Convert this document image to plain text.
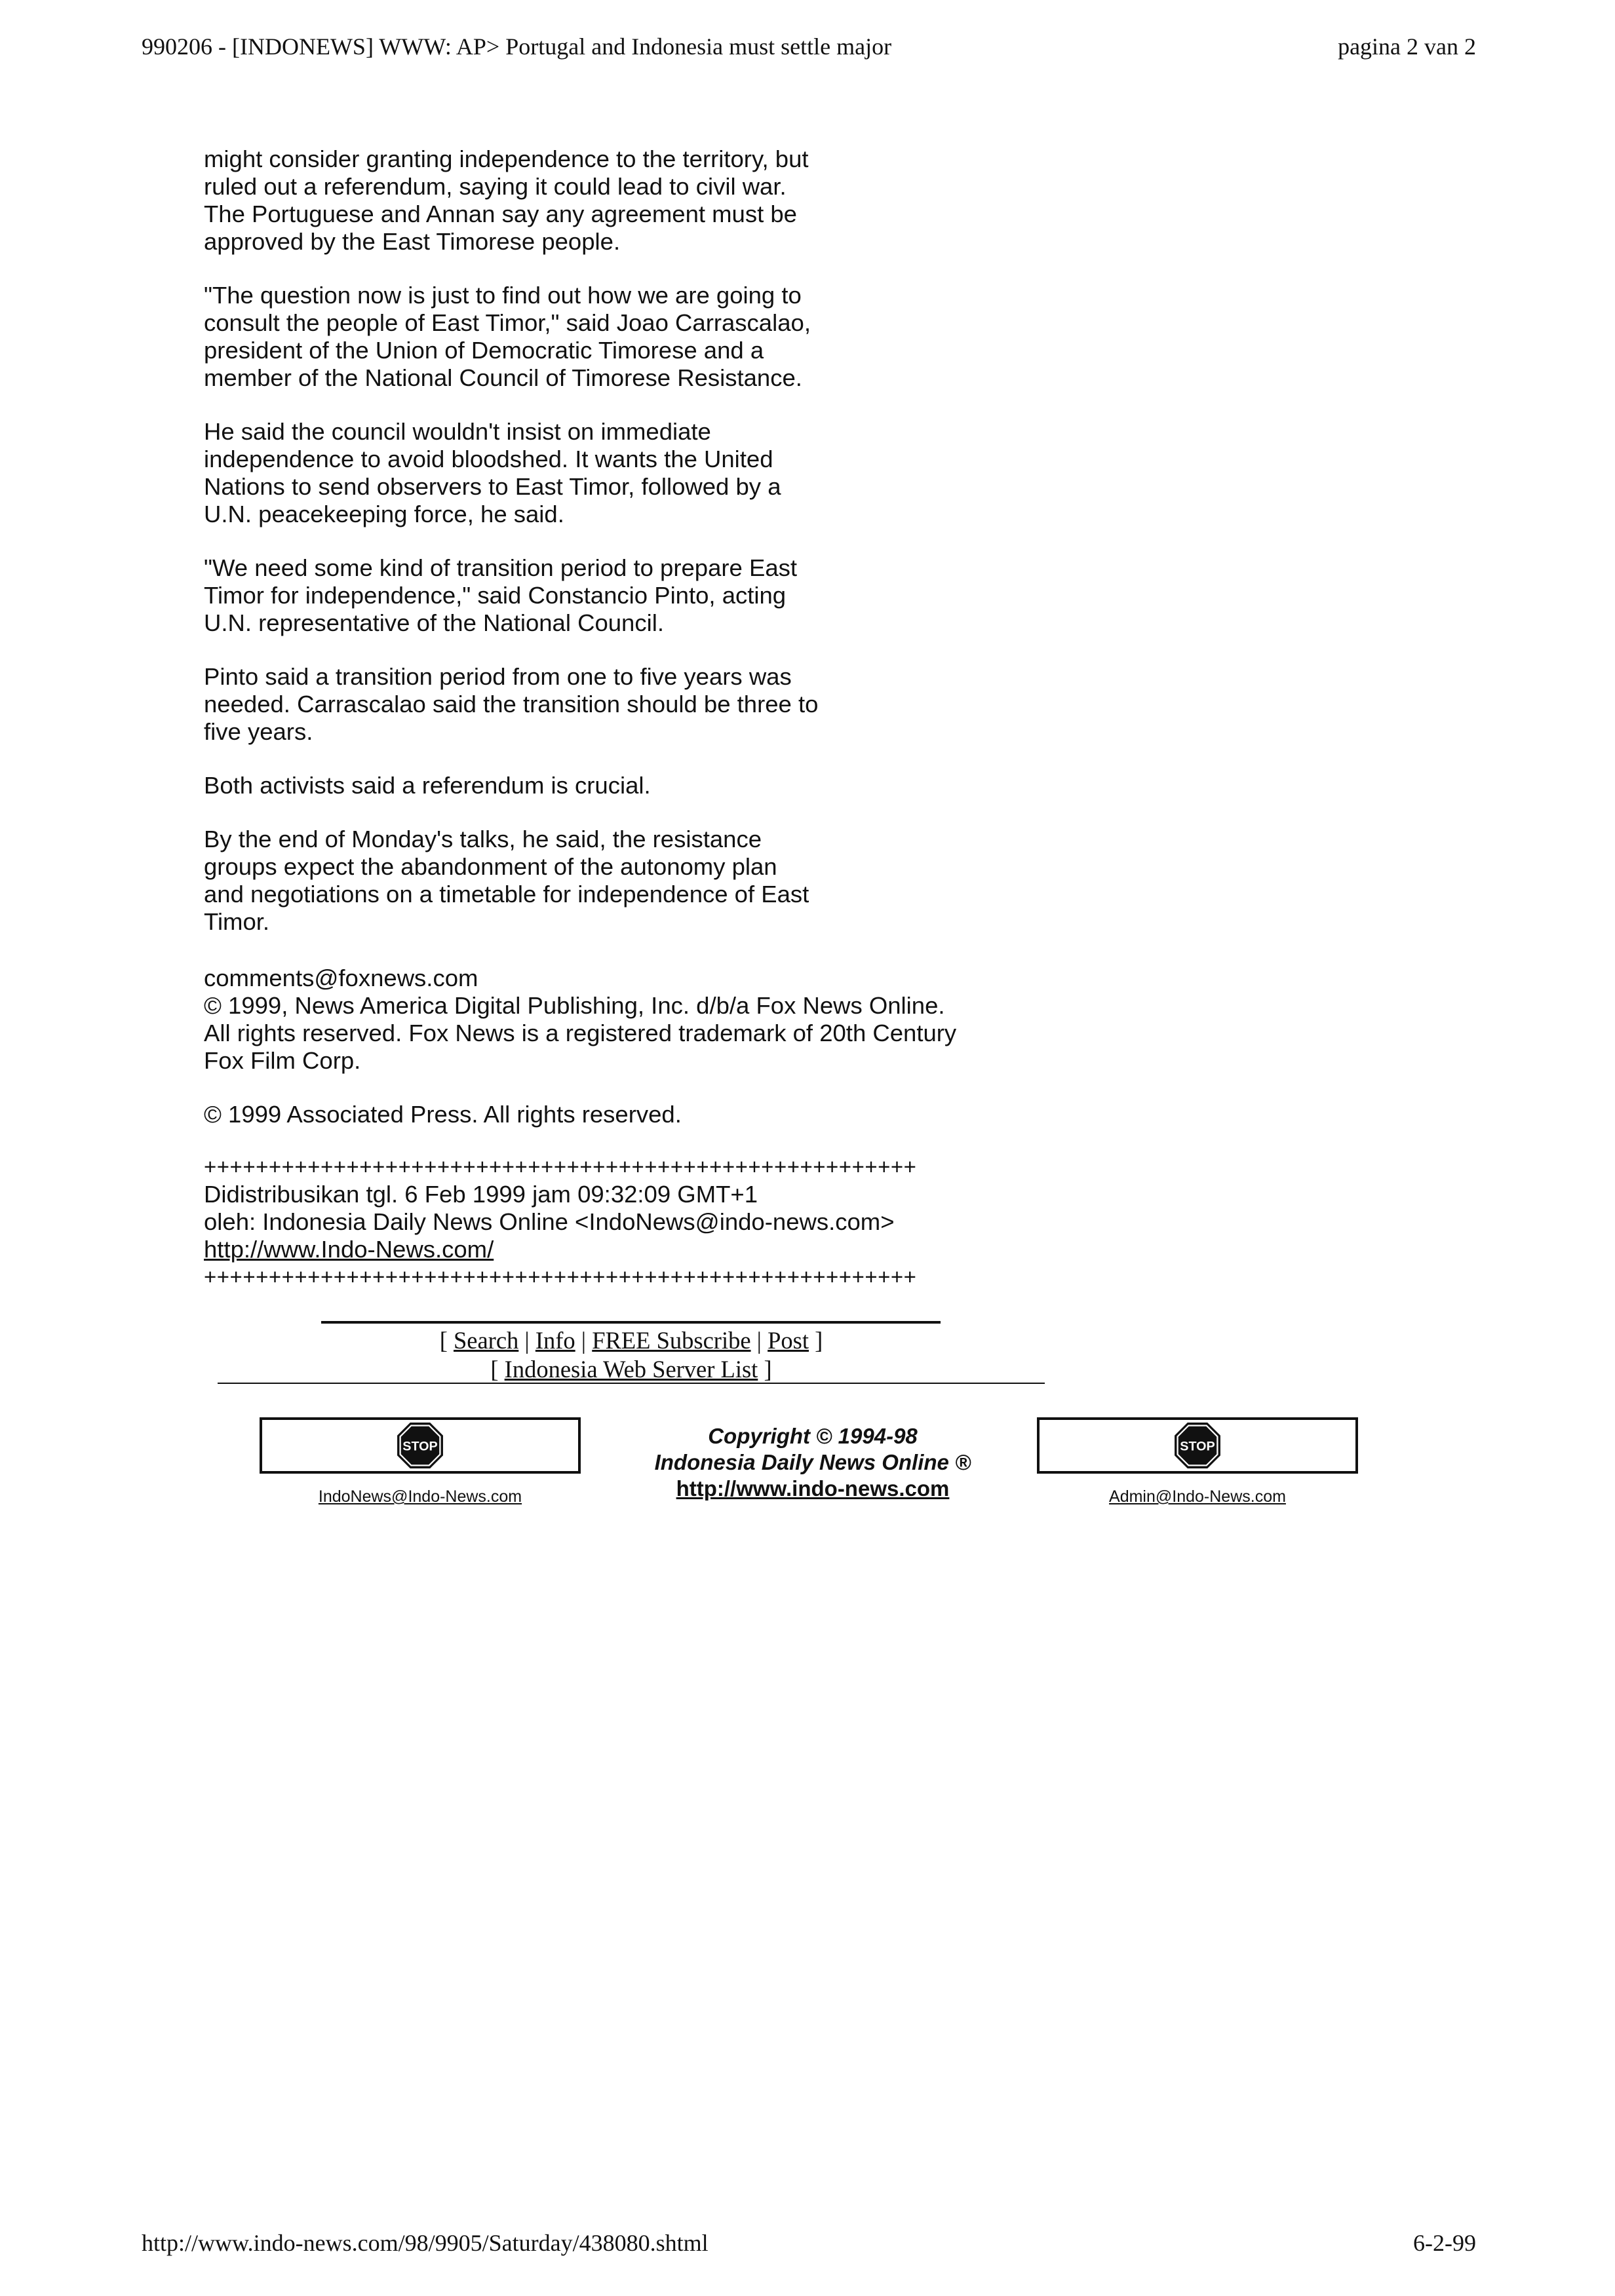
990206 - [INDONEWS] WWW: AP> Portugal and Indonesia must settle major	pagina 2 van 2

might consider granting independence to the territory, but
ruled out a referendum, saying it could lead to civil war.
The Portuguese and Annan say any agreement must be
approved by the East Timorese people.

"The question now is just to find out how we are going to
consult the people of East Timor," said Joao Carrascalao,
president of the Union of Democratic Timorese and a
member of the National Council of Timorese Resistance.

He said the council wouldn't insist on immediate
independence to avoid bloodshed. It wants the United
Nations to send observers to East Timor, followed by a
U.N. peacekeeping force, he said.

"We need some kind of transition period to prepare East
Timor for independence," said Constancio Pinto, acting
U.N. representative of the National Council.

Pinto said a transition period from one to five years was
needed. Carrascalao said the transition should be three to
five years.

Both activists said a referendum is crucial.

By the end of Monday's talks, he said, the resistance
groups expect the abandonment of the autonomy plan
and negotiations on a timetable for independence of East
Timor.

comments@foxnews.com

© 1999, News America Digital Publishing, Inc. d/b/a Fox News Online.
All rights reserved. Fox News is a registered trademark of 20th Century
Fox Film Corp.

© 1999 Associated Press. All rights reserved.

+++++++++++++++++++++++++++++++++++++++++++++++++++++++
Didistribusikan tgl. 6 Feb 1999 jam 09:32:09 GMT+1
oleh: Indonesia Daily News Online <IndoNews@indo-news.com>
http://www.Indo-News.com/
+++++++++++++++++++++++++++++++++++++++++++++++++++++++
[ Search | Info | FREE Subscribe | Post ]
[ Indonesia Web Server List ]
STOP
IndoNews@Indo-News.com
Copyright © 1994-98
Indonesia Daily News Online ®
http://www.indo-news.com
STOP
Admin@Indo-News.com
http://www.indo-news.com/98/9905/Saturday/438080.shtml	6-2-99
